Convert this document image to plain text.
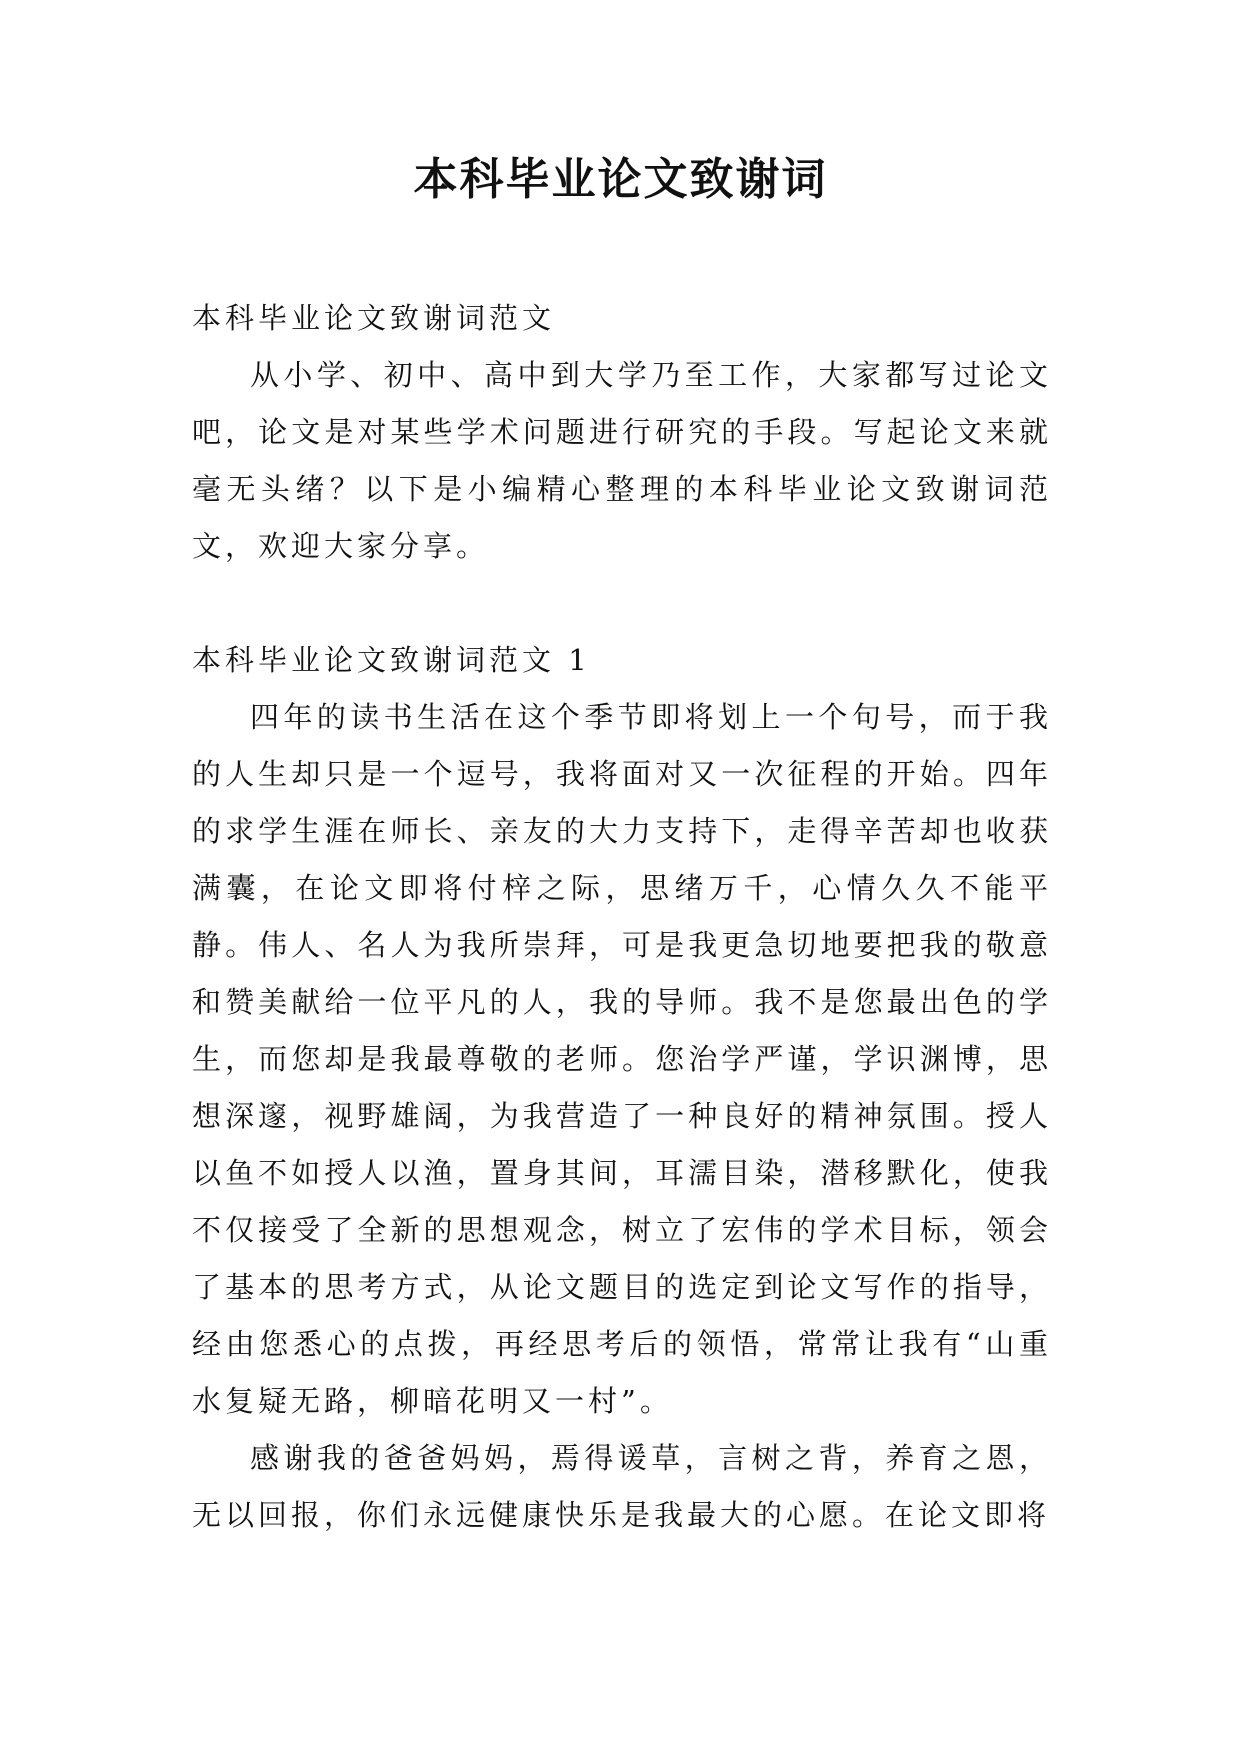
本科毕业论文致谢词

本科毕业论文致谢词范文

从小学、初中、高中到大学乃至工作，大家都写过论文吧，论文是对某些学术问题进行研究的手段。写起论文来就毫无头绪？以下是小编精心整理的本科毕业论文致谢词范文，欢迎大家分享。

本科毕业论文致谢词范文 1

四年的读书生活在这个季节即将划上一个句号，而于我的人生却只是一个逗号，我将面对又一次征程的开始。四年的求学生涯在师长、亲友的大力支持下，走得辛苦却也收获满囊，在论文即将付梓之际，思绪万千，心情久久不能平静。伟人、名人为我所崇拜，可是我更急切地要把我的敬意和赞美献给一位平凡的人，我的导师。我不是您最出色的学生，而您却是我最尊敬的老师。您治学严谨，学识渊博，思想深邃，视野雄阔，为我营造了一种良好的精神氛围。授人以鱼不如授人以渔，置身其间，耳濡目染，潜移默化，使我不仅接受了全新的思想观念，树立了宏伟的学术目标，领会了基本的思考方式，从论文题目的选定到论文写作的指导，经由您悉心的点拨，再经思考后的领悟，常常让我有“山重水复疑无路，柳暗花明又一村”。

感谢我的爸爸妈妈，焉得谖草，言树之背，养育之恩，无以回报，你们永远健康快乐是我最大的心愿。在论文即将
